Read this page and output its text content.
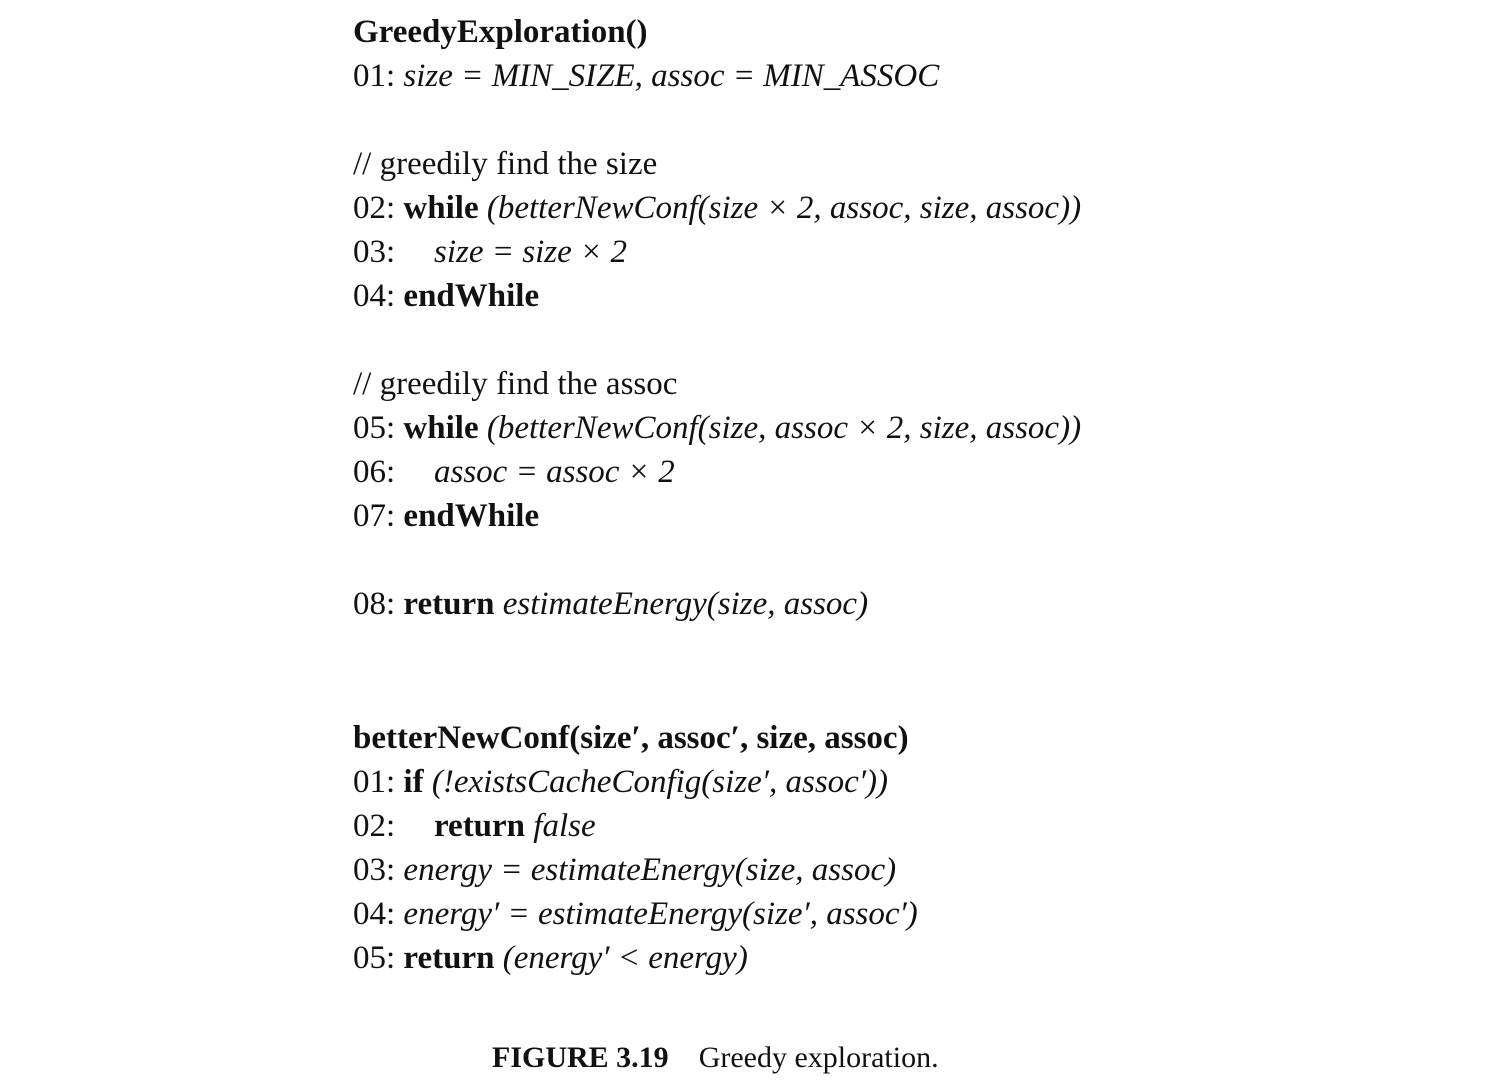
GreedyExploration()
01: size = MIN_SIZE, assoc = MIN_ASSOC
// greedily find the size
02: while (betterNewConf(size × 2, assoc, size, assoc))
03: size = size × 2
04: endWhile
// greedily find the assoc
05: while (betterNewConf(size, assoc × 2, size, assoc))
06: assoc = assoc × 2
07: endWhile
08: return estimateEnergy(size, assoc)
betterNewConf(size′, assoc′, size, assoc)
01: if (!existsCacheConfig(size′, assoc′))
02: return false
03: energy = estimateEnergy(size, assoc)
04: energy′ = estimateEnergy(size′, assoc′)
05: return (energy′ < energy)
FIGURE 3.19 Greedy exploration.
